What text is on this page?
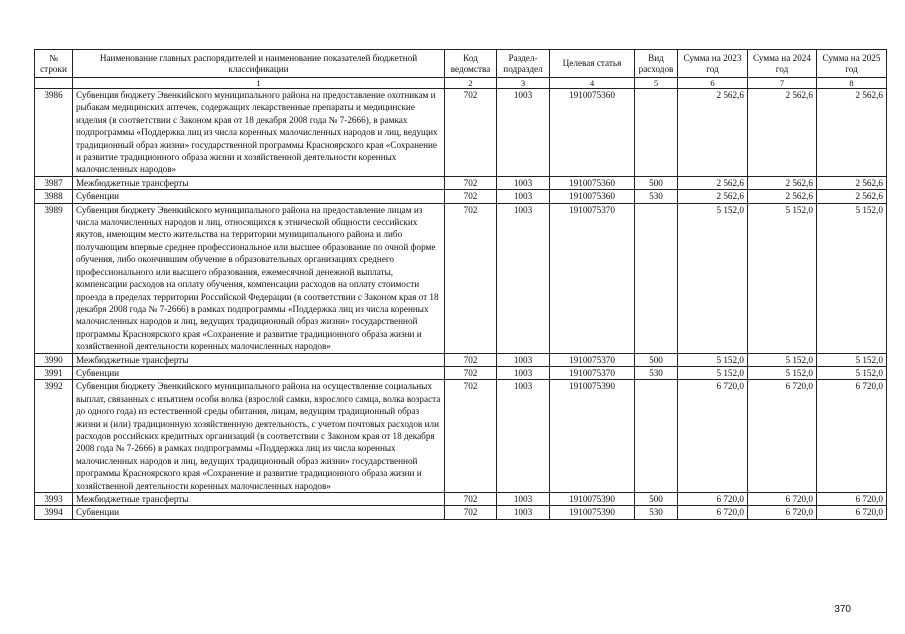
№ строки	Наименование главных распорядителей и наименование показателей бюджетной классификации	Код ведомства	Раздел-подраздел	Целевая статья	Вид расходов	Сумма на 2023 год	Сумма на 2024 год	Сумма на 2025 год
	1	2	3	4	5	6	7	8
3986	Субвенция бюджету Эвенкийского муниципального района на предоставление охотникам и рыбакам медицинских аптечек, содержащих лекарственные препараты и медицинские изделия (в соответствии с Законом края от 18 декабря 2008 года № 7-2666), в рамках подпрограммы «Поддержка лиц из числа коренных малочисленных народов и лиц, ведущих традиционный образ жизни» государственной программы Красноярского края «Сохранение и развитие традиционного образа жизни и хозяйственной деятельности коренных малочисленных народов»	702	1003	1910075360		2 562,6	2 562,6	2 562,6
3987	Межбюджетные трансферты	702	1003	1910075360	500	2 562,6	2 562,6	2 562,6
3988	Субвенции	702	1003	1910075360	530	2 562,6	2 562,6	2 562,6
3989	Субвенция бюджету Эвенкийского муниципального района на предоставление лицам из числа малочисленных народов и лиц, относящихся к этнической общности сессийских якутов, имеющим место жительства на территории муниципального района и либо получающим впервые среднее профессиональное или высшее образование по очной форме обучения, либо окончившим обучение в образовательных организациях среднего профессионального или высшего образования, ежемесячной денежной выплаты, компенсации расходов на оплату обучения, компенсации расходов на оплату стоимости проезда в пределах территории Российской Федерации (в соответствии с Законом края от 18 декабря 2008 года № 7-2666) в рамках подпрограммы «Поддержка лиц из числа коренных малочисленных народов и лиц, ведущих традиционный образ жизни» государственной программы Красноярского края «Сохранение и развитие традиционного образа жизни и хозяйственной деятельности коренных малочисленных народов»	702	1003	1910075370		5 152,0	5 152,0	5 152,0
3990	Межбюджетные трансферты	702	1003	1910075370	500	5 152,0	5 152,0	5 152,0
3991	Субвенции	702	1003	1910075370	530	5 152,0	5 152,0	5 152,0
3992	Субвенция бюджету Эвенкийского муниципального района на осуществление социальных выплат, связанных с изъятием особи волка (взрослой самки, взрослого самца, волка возраста до одного года) из естественной среды обитания, лицам, ведущим традиционный образ жизни и (или) традиционную хозяйственную деятельность, с учетом почтовых расходов или расходов российских кредитных организаций (в соответствии с Законом края от 18 декабря 2008 года № 7-2666) в рамках подпрограммы «Поддержка лиц из числа коренных малочисленных народов и лиц, ведущих традиционный образ жизни» государственной программы Красноярского края «Сохранение и развитие традиционного образа жизни и хозяйственной деятельности коренных малочисленных народов»	702	1003	1910075390		6 720,0	6 720,0	6 720,0
3993	Межбюджетные трансферты	702	1003	1910075390	500	6 720,0	6 720,0	6 720,0
3994	Субвенции	702	1003	1910075390	530	6 720,0	6 720,0	6 720,0
370
